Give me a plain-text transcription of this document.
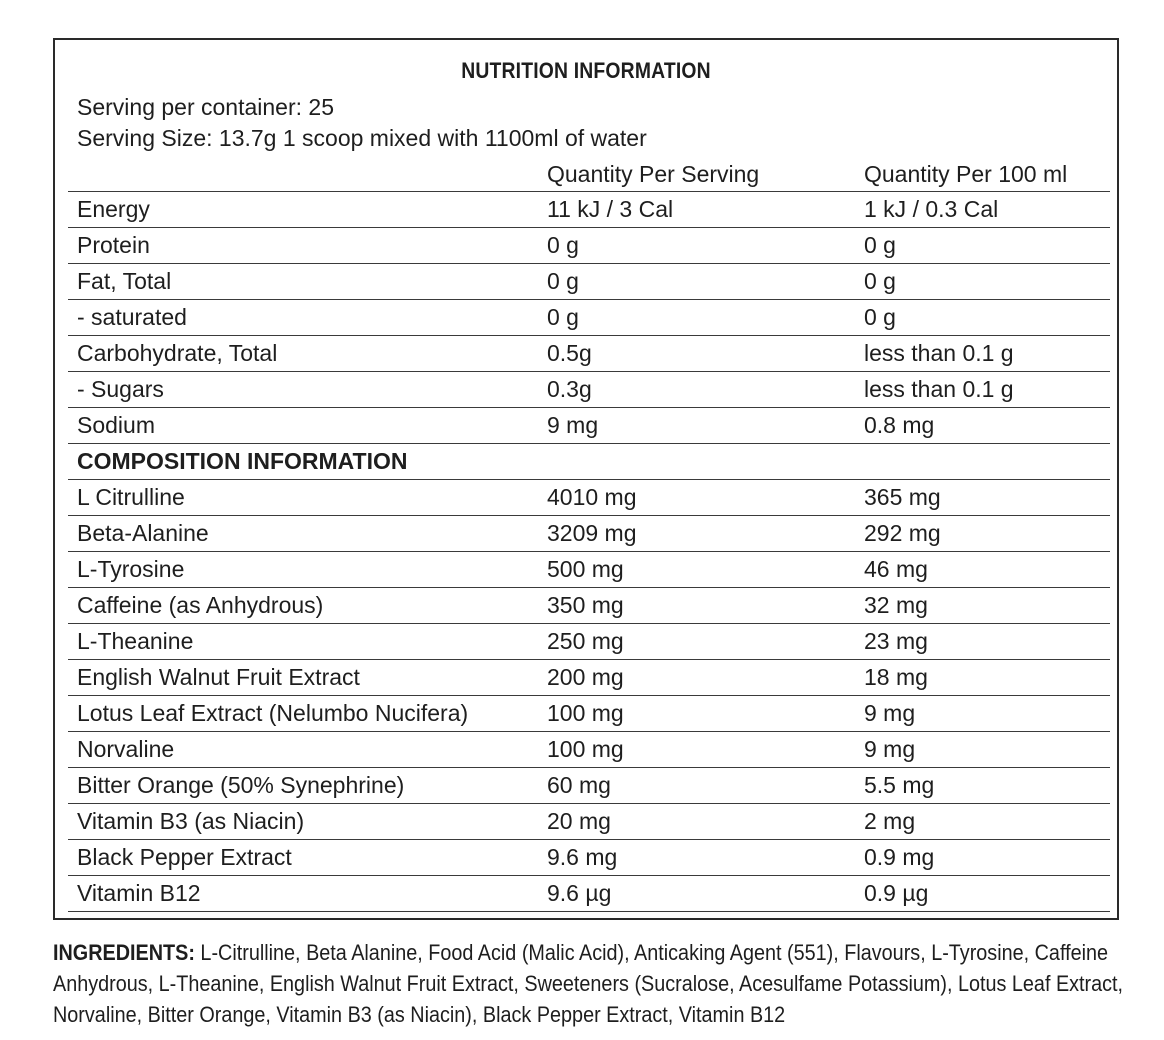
NUTRITION INFORMATION
Serving per container: 25
Serving Size: 13.7g 1 scoop mixed with 1100ml of water
Quantity Per Serving	Quantity Per 100 ml
Energy	11 kJ / 3 Cal	1 kJ / 0.3 Cal
Protein	0 g	0 g
Fat, Total	0 g	0 g
- saturated	0 g	0 g
Carbohydrate, Total	0.5g	less than 0.1 g
- Sugars	0.3g	less than 0.1 g
Sodium	9 mg	0.8 mg
COMPOSITION INFORMATION
L Citrulline	4010 mg	365 mg
Beta-Alanine	3209 mg	292 mg
L-Tyrosine	500 mg	46 mg
Caffeine (as Anhydrous)	350 mg	32 mg
L-Theanine	250 mg	23 mg
English Walnut Fruit Extract	200 mg	18 mg
Lotus Leaf Extract (Nelumbo Nucifera)	100 mg	9 mg
Norvaline	100 mg	9 mg
Bitter Orange (50% Synephrine)	60 mg	5.5 mg
Vitamin B3 (as Niacin)	20 mg	2 mg
Black Pepper Extract	9.6 mg	0.9 mg
Vitamin B12	9.6 µg	0.9 µg
INGREDIENTS: L-Citrulline, Beta Alanine, Food Acid (Malic Acid), Anticaking Agent (551), Flavours, L-Tyrosine, Caffeine Anhydrous, L-Theanine, English Walnut Fruit Extract, Sweeteners (Sucralose, Acesulfame Potassium), Lotus Leaf Extract, Norvaline, Bitter Orange, Vitamin B3 (as Niacin), Black Pepper Extract, Vitamin B12
